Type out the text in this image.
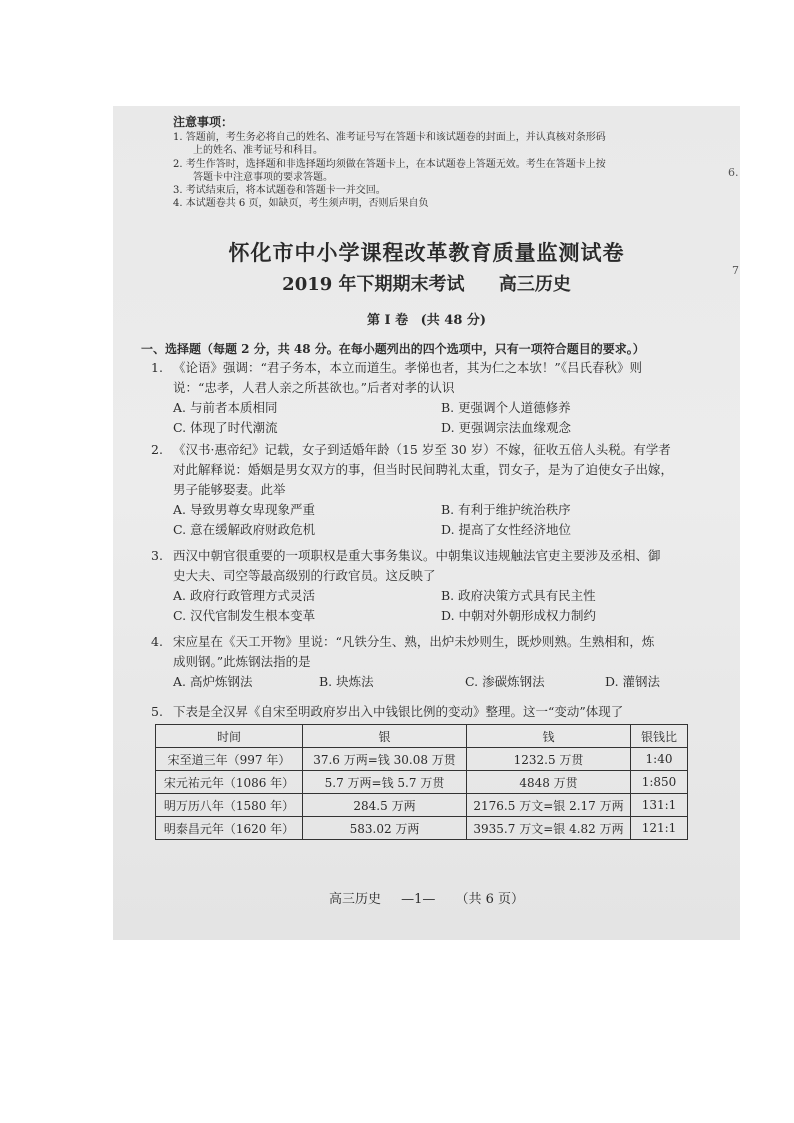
6.
7
注意事项：
1. 答题前，考生务必将自己的姓名、准考证号写在答题卡和该试题卷的封面上，并认真核对条形码
上的姓名、准考证号和科目。
2. 考生作答时，选择题和非选择题均须做在答题卡上，在本试题卷上答题无效。考生在答题卡上按
答题卡中注意事项的要求答题。
3. 考试结束后，将本试题卷和答题卡一并交回。
4. 本试题卷共 6 页，如缺页，考生须声明，否则后果自负
怀化市中小学课程改革教育质量监测试卷
2019 年下期期末考试 高三历史
第 I 卷 (共 48 分)
一、选择题（每题 2 分，共 48 分。在每小题列出的四个选项中，只有一项符合题目的要求。）
1. 《论语》强调：“君子务本，本立而道生。孝悌也者，其为仁之本欤！”《吕氏春秋》则
说：“忠孝，人君人亲之所甚欲也。”后者对孝的认识
A. 与前者本质相同	B. 更强调个人道德修养
C. 体现了时代潮流	D. 更强调宗法血缘观念
2. 《汉书·惠帝纪》记载，女子到适婚年龄（15 岁至 30 岁）不嫁，征收五倍人头税。有学者
对此解释说：婚姻是男女双方的事，但当时民间聘礼太重，罚女子，是为了迫使女子出嫁，
男子能够娶妻。此举
A. 导致男尊女卑现象严重	B. 有利于维护统治秩序
C. 意在缓解政府财政危机	D. 提高了女性经济地位
3. 西汉中朝官很重要的一项职权是重大事务集议。中朝集议违规触法官吏主要涉及丞相、御
史大夫、司空等最高级别的行政官员。这反映了
A. 政府行政管理方式灵活	B. 政府决策方式具有民主性
C. 汉代官制发生根本变革	D. 中朝对外朝形成权力制约
4. 宋应星在《天工开物》里说：“凡铁分生、熟，出炉未炒则生，既炒则熟。生熟相和，炼
成则钢。”此炼钢法指的是
A. 高炉炼钢法	B. 块炼法	C. 渗碳炼钢法	D. 灌钢法
5. 下表是全汉昇《自宋至明政府岁出入中钱银比例的变动》整理。这一“变动”体现了
时间	银	钱	银钱比
宋至道三年（997 年）	37.6 万两=钱 30.08 万贯	1232.5 万贯	1:40
宋元祐元年（1086 年）	5.7 万两=钱 5.7 万贯	4848 万贯	1:850
明万历八年（1580 年）	284.5 万两	2176.5 万文=银 2.17 万两	131:1
明泰昌元年（1620 年）	583.02 万两	3935.7 万文=银 4.82 万两	121:1
高三历史 —1— （共 6 页）
